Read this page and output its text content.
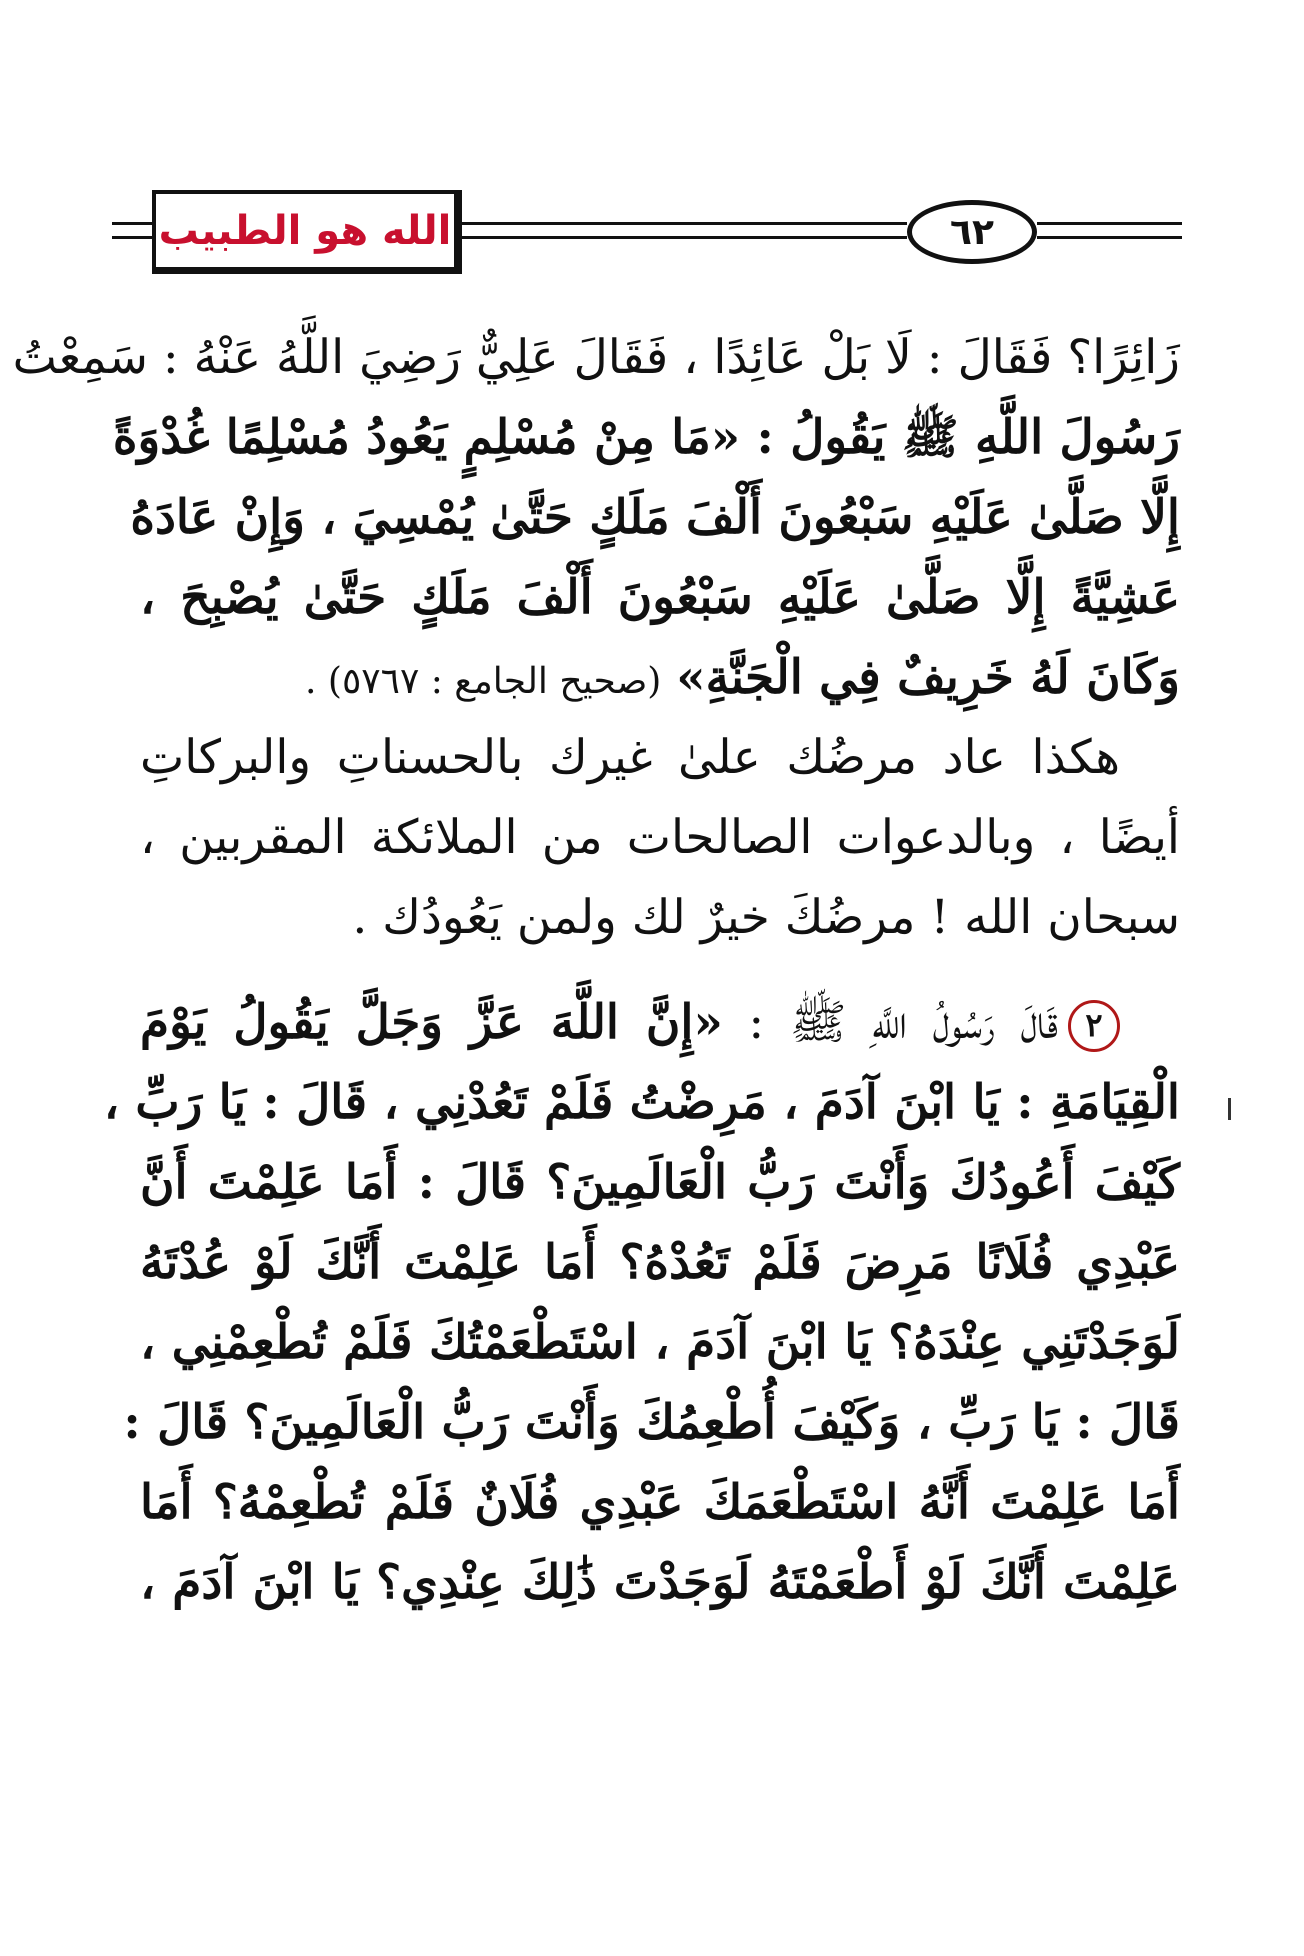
الله هو الطبيب	٦٢
زَائِرًا؟ فَقَالَ : لَا بَلْ عَائِدًا ، فَقَالَ عَلِيٌّ رَضِيَ اللَّهُ عَنْهُ : سَمِعْتُ
رَسُولَ اللَّهِ ﷺ يَقُولُ : «مَا مِنْ مُسْلِمٍ يَعُودُ مُسْلِمًا غُدْوَةً
إِلَّا صَلَّىٰ عَلَيْهِ سَبْعُونَ أَلْفَ مَلَكٍ حَتَّىٰ يُمْسِيَ ، وَإِنْ عَادَهُ
عَشِيَّةً إِلَّا صَلَّىٰ عَلَيْهِ سَبْعُونَ أَلْفَ مَلَكٍ حَتَّىٰ يُصْبِحَ ،
وَكَانَ لَهُ خَرِيفٌ فِي الْجَنَّةِ» (صحيح الجامع : ٥٧٦٧) .
هكذا عاد مرضُك علىٰ غيرك بالحسناتِ والبركاتِ
أيضًا ، وبالدعوات الصالحات من الملائكة المقربين ،
سبحان الله ! مرضُكَ خيرٌ لك ولمن يَعُودُك .
٢قَالَ رَسُولُ اللَّهِ ﷺ : «إِنَّ اللَّهَ عَزَّ وَجَلَّ يَقُولُ يَوْمَ
الْقِيَامَةِ : يَا ابْنَ آدَمَ ، مَرِضْتُ فَلَمْ تَعُدْنِي ، قَالَ : يَا رَبِّ ،
كَيْفَ أَعُودُكَ وَأَنْتَ رَبُّ الْعَالَمِينَ؟ قَالَ : أَمَا عَلِمْتَ أَنَّ
عَبْدِي فُلَانًا مَرِضَ فَلَمْ تَعُدْهُ؟ أَمَا عَلِمْتَ أَنَّكَ لَوْ عُدْتَهُ
لَوَجَدْتَنِي عِنْدَهُ؟ يَا ابْنَ آدَمَ ، اسْتَطْعَمْتُكَ فَلَمْ تُطْعِمْنِي ،
قَالَ : يَا رَبِّ ، وَكَيْفَ أُطْعِمُكَ وَأَنْتَ رَبُّ الْعَالَمِينَ؟ قَالَ :
أَمَا عَلِمْتَ أَنَّهُ اسْتَطْعَمَكَ عَبْدِي فُلَانٌ فَلَمْ تُطْعِمْهُ؟ أَمَا
عَلِمْتَ أَنَّكَ لَوْ أَطْعَمْتَهُ لَوَجَدْتَ ذَٰلِكَ عِنْدِي؟ يَا ابْنَ آدَمَ ،
